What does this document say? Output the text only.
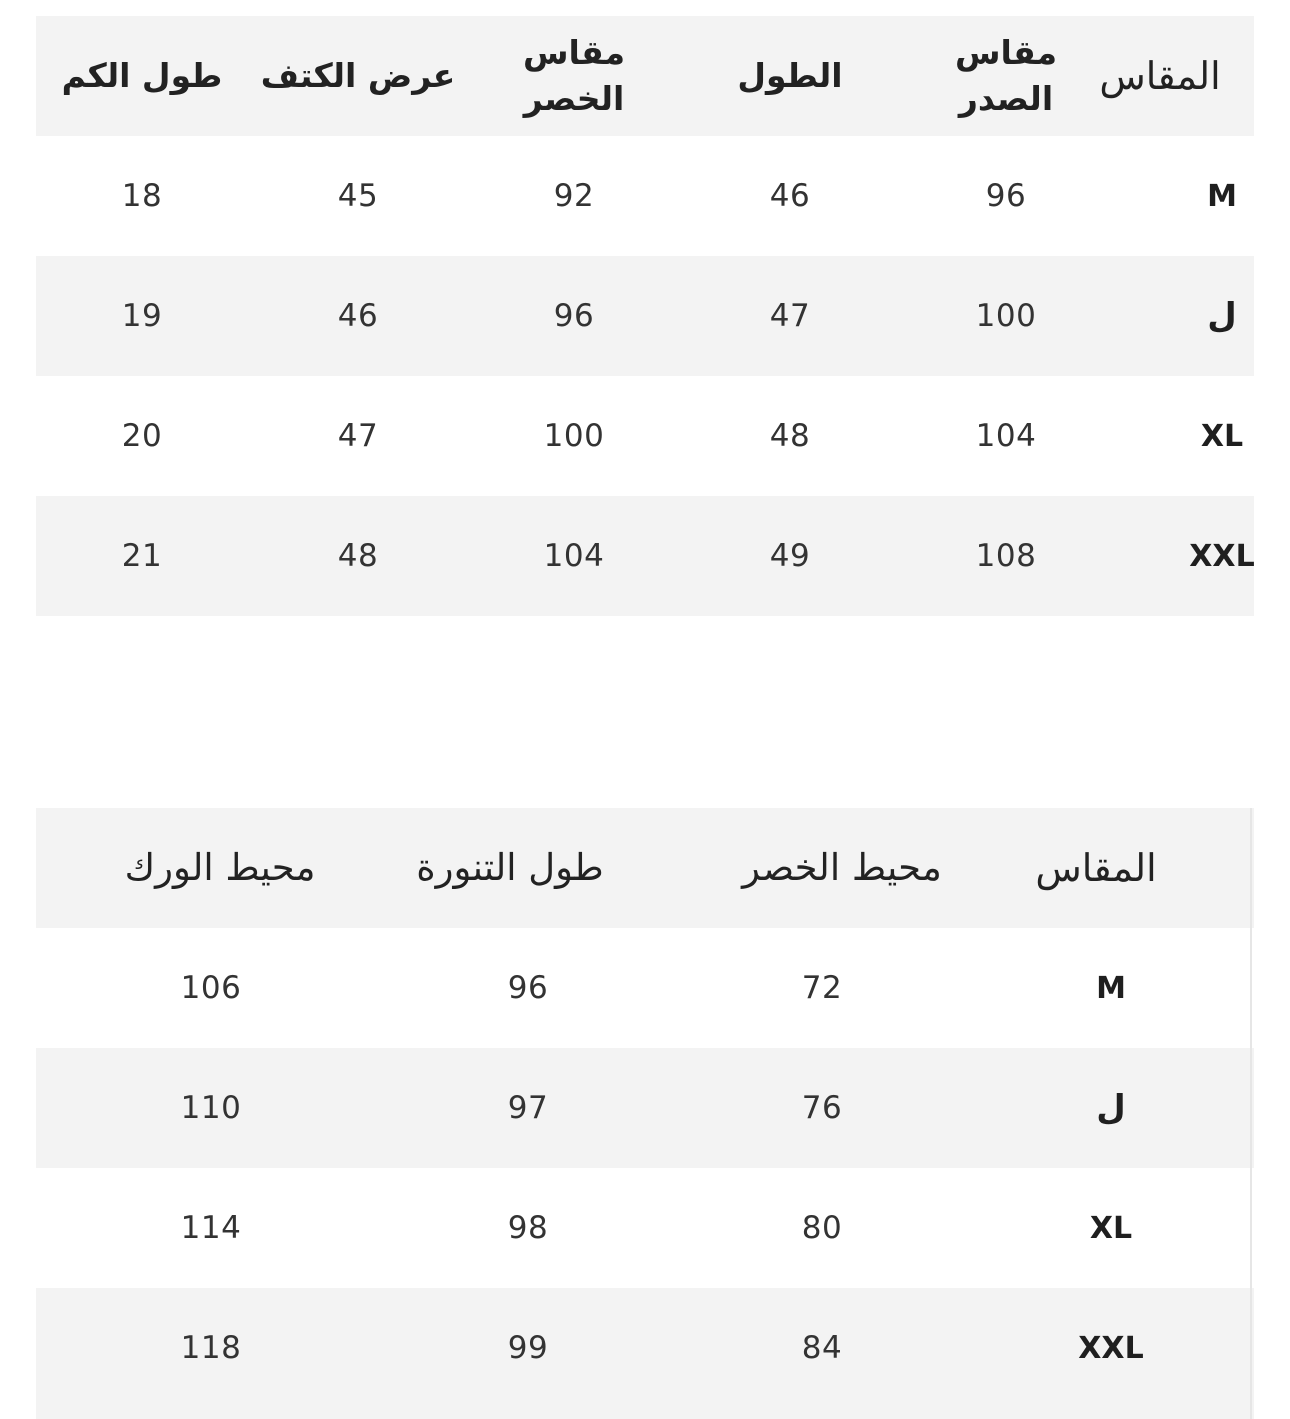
المقاس
مقاس الصدر
الطول
مقاس الخصر
عرض الكتف
طول الكم
M
96
46
92
45
18
ل
100
47
96
46
19
XL
104
48
100
47
20
XXL
108
49
104
48
21
المقاس
محيط الخصر
طول التنورة
محيط الورك
M
72
96
106
ل
76
97
110
XL
80
98
114
XXL
84
99
118
